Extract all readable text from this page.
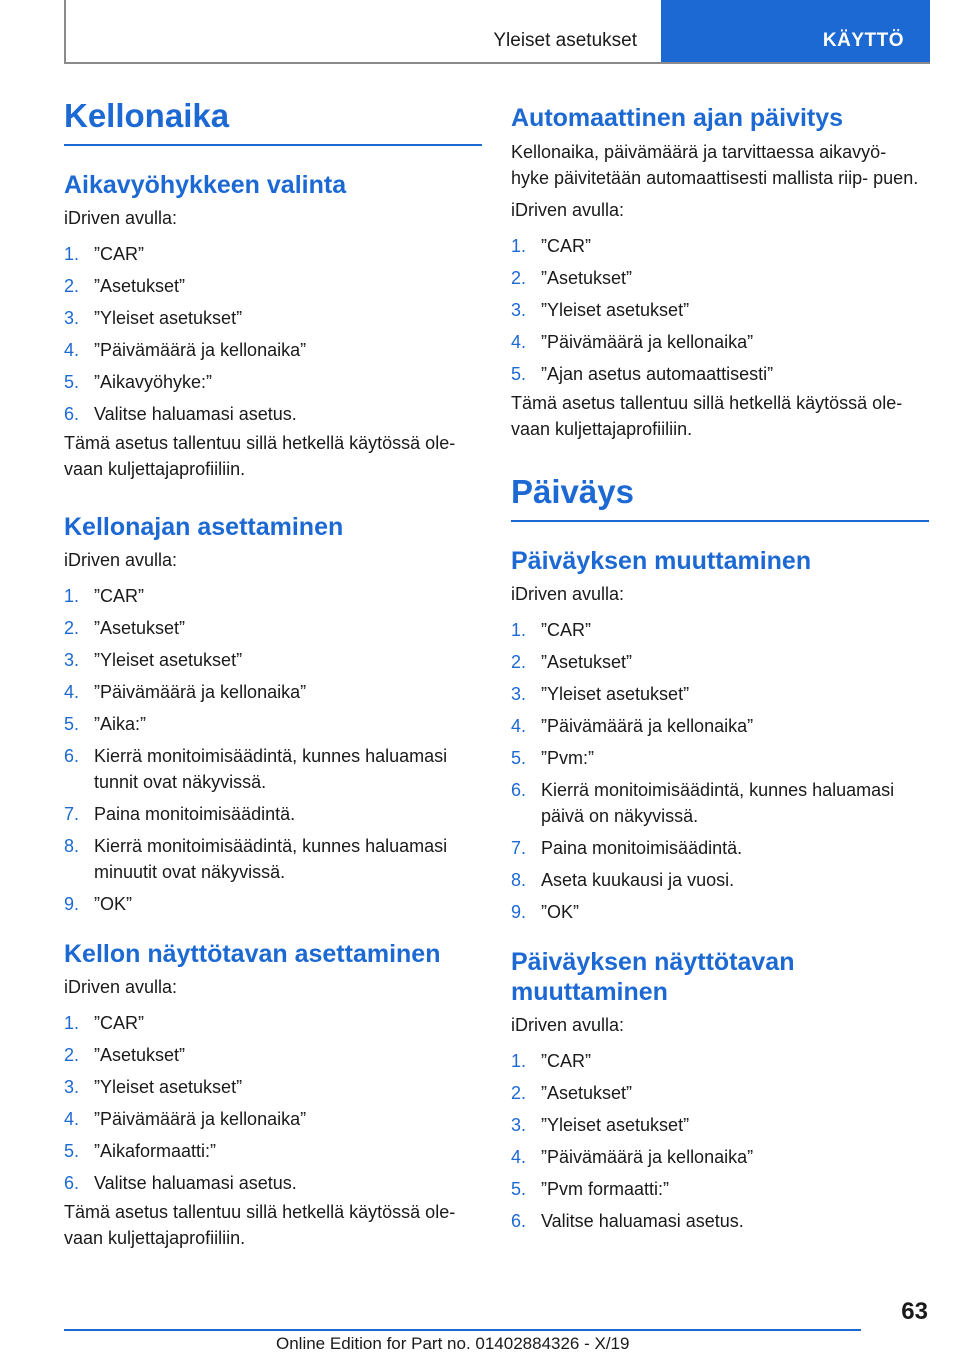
Yleiset asetukset	KÄYTTÖ
Kellonaika
Aikavyöhykkeen valinta

iDriven avulla:

1. ”CAR”
2. ”Asetukset”
3. ”Yleiset asetukset”
4. ”Päivämäärä ja kellonaika”
5. ”Aikavyöhyke:”
6. Valitse haluamasi asetus.

Tämä asetus tallentuu sillä hetkellä käytössä ole‐ vaan kuljettajaprofiiliin.

Kellonajan asettaminen

iDriven avulla:

1. ”CAR”
2. ”Asetukset”
3. ”Yleiset asetukset”
4. ”Päivämäärä ja kellonaika”
5. ”Aika:”
6. Kierrä monitoimisäädintä, kunnes haluamasi tunnit ovat näkyvissä.
7. Paina monitoimisäädintä.
8. Kierrä monitoimisäädintä, kunnes haluamasi minuutit ovat näkyvissä.
9. ”OK”
Kellon näyttötavan asettaminen

iDriven avulla:

1. ”CAR”
2. ”Asetukset”
3. ”Yleiset asetukset”
4. ”Päivämäärä ja kellonaika”
5. ”Aikaformaatti:”
6. Valitse haluamasi asetus.

Tämä asetus tallentuu sillä hetkellä käytössä ole‐ vaan kuljettajaprofiiliin.

Automaattinen ajan päivitys

Kellonaika, päivämäärä ja tarvittaessa aikavyö‐ hyke päivitetään automaattisesti mallista riip‐ puen.

iDriven avulla:

1. ”CAR”
2. ”Asetukset”
3. ”Yleiset asetukset”
4. ”Päivämäärä ja kellonaika”
5. ”Ajan asetus automaattisesti”

Tämä asetus tallentuu sillä hetkellä käytössä ole‐ vaan kuljettajaprofiiliin.

Päiväys
Päiväyksen muuttaminen

iDriven avulla:

1. ”CAR”
2. ”Asetukset”
3. ”Yleiset asetukset”
4. ”Päivämäärä ja kellonaika”
5. ”Pvm:”
6. Kierrä monitoimisäädintä, kunnes haluamasi päivä on näkyvissä.
7. Paina monitoimisäädintä.
8. Aseta kuukausi ja vuosi.
9. ”OK”
Päiväyksen näyttötavan muuttaminen

iDriven avulla:

1. ”CAR”
2. ”Asetukset”
3. ”Yleiset asetukset”
4. ”Päivämäärä ja kellonaika”
5. ”Pvm formaatti:”
6. Valitse haluamasi asetus.
63
Online Edition for Part no. 01402884326 - X/19
